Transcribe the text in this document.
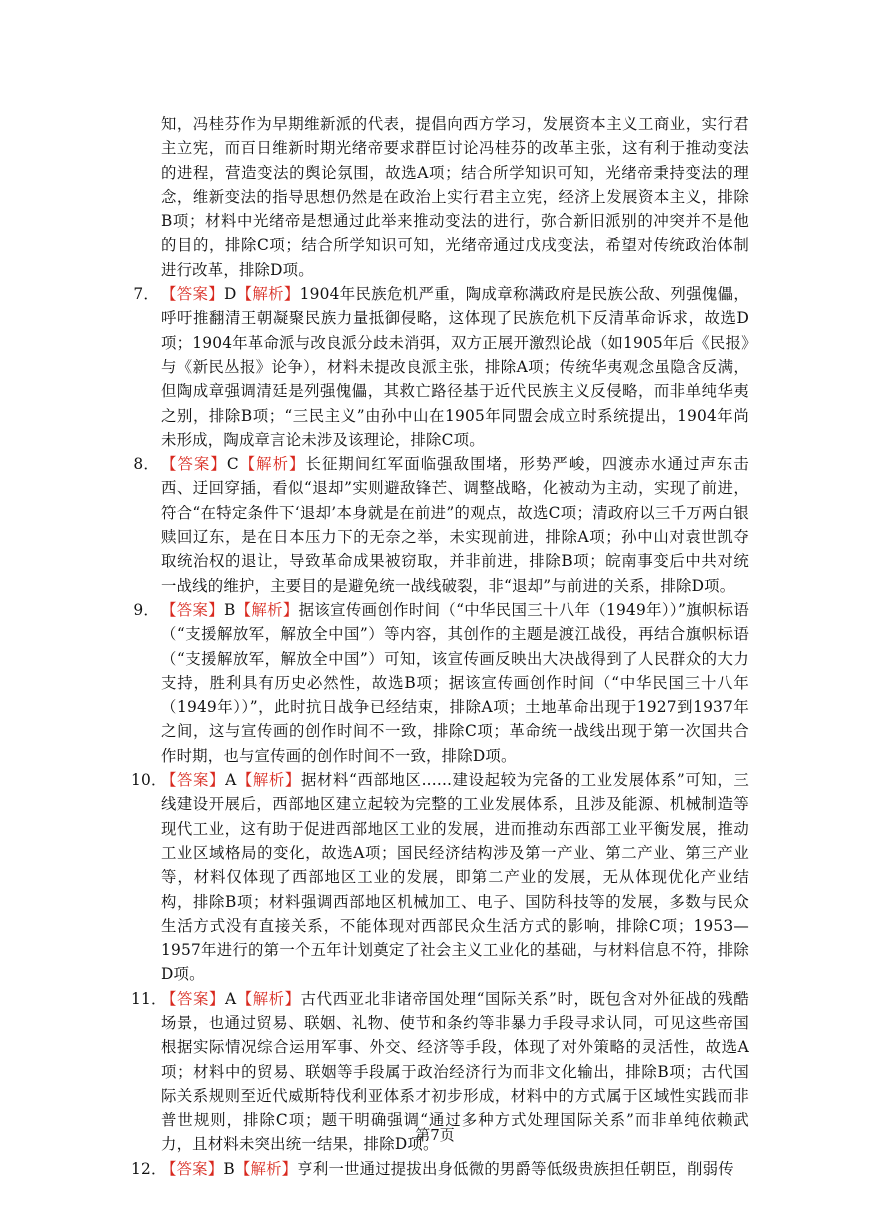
知，冯桂芬作为早期维新派的代表，提倡向西方学习，发展资本主义工商业，实行君主立宪，而百日维新时期光绪帝要求群臣讨论冯桂芬的改革主张，这有利于推动变法的进程，营造变法的舆论氛围，故选A项；结合所学知识可知，光绪帝秉持变法的理念，维新变法的指导思想仍然是在政治上实行君主立宪，经济上发展资本主义，排除B项；材料中光绪帝是想通过此举来推动变法的进行，弥合新旧派别的冲突并不是他的目的，排除C项；结合所学知识可知，光绪帝通过戊戌变法，希望对传统政治体制进行改革，排除D项。
7． 【答案】D【解析】1904年民族危机严重，陶成章称满政府是民族公敌、列强傀儡，呼吁推翻清王朝凝聚民族力量抵御侵略，这体现了民族危机下反清革命诉求，故选D项；1904年革命派与改良派分歧未消弭，双方正展开激烈论战（如1905年后《民报》与《新民丛报》论争），材料未提改良派主张，排除A项；传统华夷观念虽隐含反满，但陶成章强调清廷是列强傀儡，其救亡路径基于近代民族主义反侵略，而非单纯华夷之别，排除B项；“三民主义”由孙中山在1905年同盟会成立时系统提出，1904年尚未形成，陶成章言论未涉及该理论，排除C项。
8． 【答案】C【解析】长征期间红军面临强敌围堵，形势严峻，四渡赤水通过声东击西、迂回穿插，看似“退却”实则避敌锋芒、调整战略，化被动为主动，实现了前进，符合“在特定条件下‘退却’本身就是在前进”的观点，故选C项；清政府以三千万两白银赎回辽东，是在日本压力下的无奈之举，未实现前进，排除A项；孙中山对袁世凯夺取统治权的退让，导致革命成果被窃取，并非前进，排除B项；皖南事变后中共对统一战线的维护，主要目的是避免统一战线破裂，非“退却”与前进的关系，排除D项。
9． 【答案】B【解析】据该宣传画创作时间（“中华民国三十八年（1949年））”旗帜标语（“支援解放军，解放全中国”）等内容，其创作的主题是渡江战役，再结合旗帜标语（“支援解放军，解放全中国”）可知，该宣传画反映出大决战得到了人民群众的大力支持，胜利具有历史必然性，故选B项；据该宣传画创作时间（“中华民国三十八年（1949年））”，此时抗日战争已经结束，排除A项；土地革命出现于1927到1937年之间，这与宣传画的创作时间不一致，排除C项；革命统一战线出现于第一次国共合作时期，也与宣传画的创作时间不一致，排除D项。
10．
【答案】A【解析】据材料“西部地区......建设起较为完备的工业发展体系”可知，三线建设开展后，西部地区建立起较为完整的工业发展体系，且涉及能源、机械制造等现代工业，这有助于促进西部地区工业的发展，进而推动东西部工业平衡发展，推动工业区域格局的变化，故选A项；国民经济结构涉及第一产业、第二产业、第三产业等，材料仅体现了西部地区工业的发展，即第二产业的发展，无从体现优化产业结构，排除B项；材料强调西部地区机械加工、电子、国防科技等的发展，多数与民众生活方式没有直接关系，不能体现对西部民众生活方式的影响，排除C项；1953—1957年进行的第一个五年计划奠定了社会主义工业化的基础，与材料信息不符，排除D项。
11．
【答案】A【解析】古代西亚北非诸帝国处理“国际关系”时，既包含对外征战的残酷场景，也通过贸易、联姻、礼物、使节和条约等非暴力手段寻求认同，可见这些帝国根据实际情况综合运用军事、外交、经济等手段，体现了对外策略的灵活性，故选A项；材料中的贸易、联姻等手段属于政治经济行为而非文化输出，排除B项；古代国际关系规则至近代威斯特伐利亚体系才初步形成，材料中的方式属于区域性实践而非普世规则，排除C项；题干明确强调“通过多种方式处理国际关系”而非单纯依赖武力，且材料未突出统一结果，排除D项。
12．
【答案】B【解析】亨利一世通过提拔出身低微的男爵等低级贵族担任朝臣，削弱传
第7页
